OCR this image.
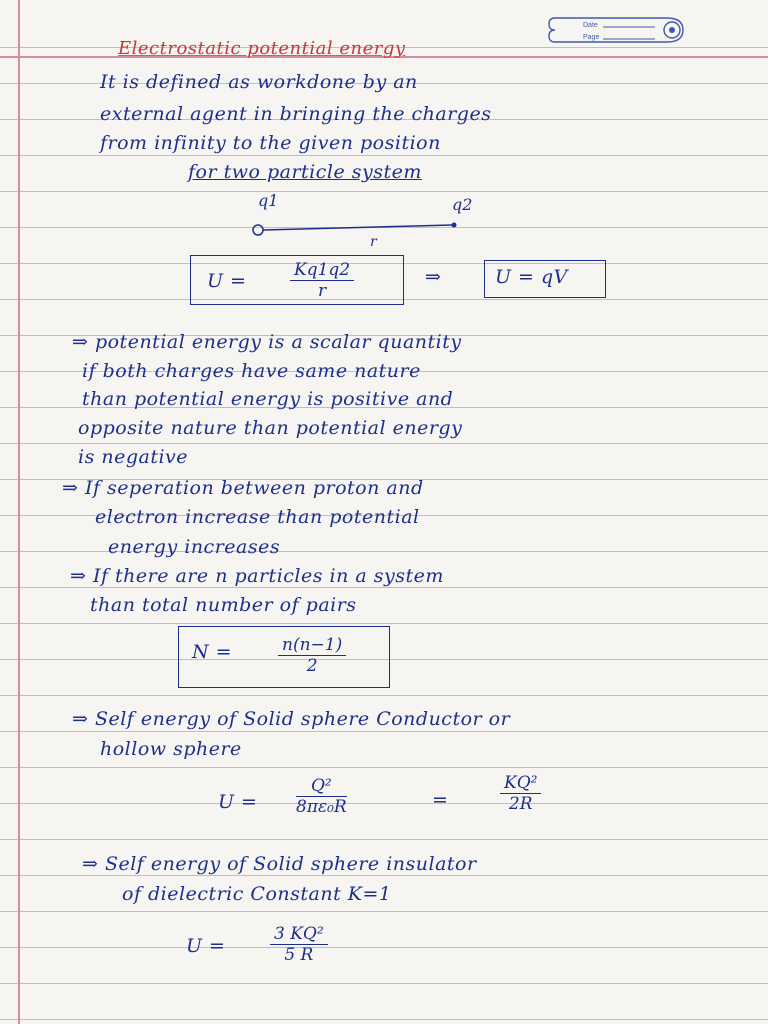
Date
Page
Electrostatic potential energy
It is defined as workdone by an
external agent in bringing the charges
from infinity to the given position
for two particle system
q1	q2
r
U =	$\frac{Kq1q2}{r}$	⇒	U = qV
⇒ potential energy is a scalar quantity
if both charges have same nature
than potential energy is positive and
opposite nature than potential energy
is negative
⇒ If seperation between proton and
electron increase than potential
energy increases
⇒ If there are n particles in a system
than total number of pairs
N =	$\frac{n(n-1)}{2}$
⇒ Self energy of Solid sphere Conductor or
hollow sphere
$U = \frac{\text{Q²}}{\text{8πε₀R}}$	=	$\frac{\text{KQ²}}{2R}$
⇒ Self energy of Solid sphere insulator
of dielectric Constant K=1
U =	$\frac{\text{3 KQ²}}{5 R}$
